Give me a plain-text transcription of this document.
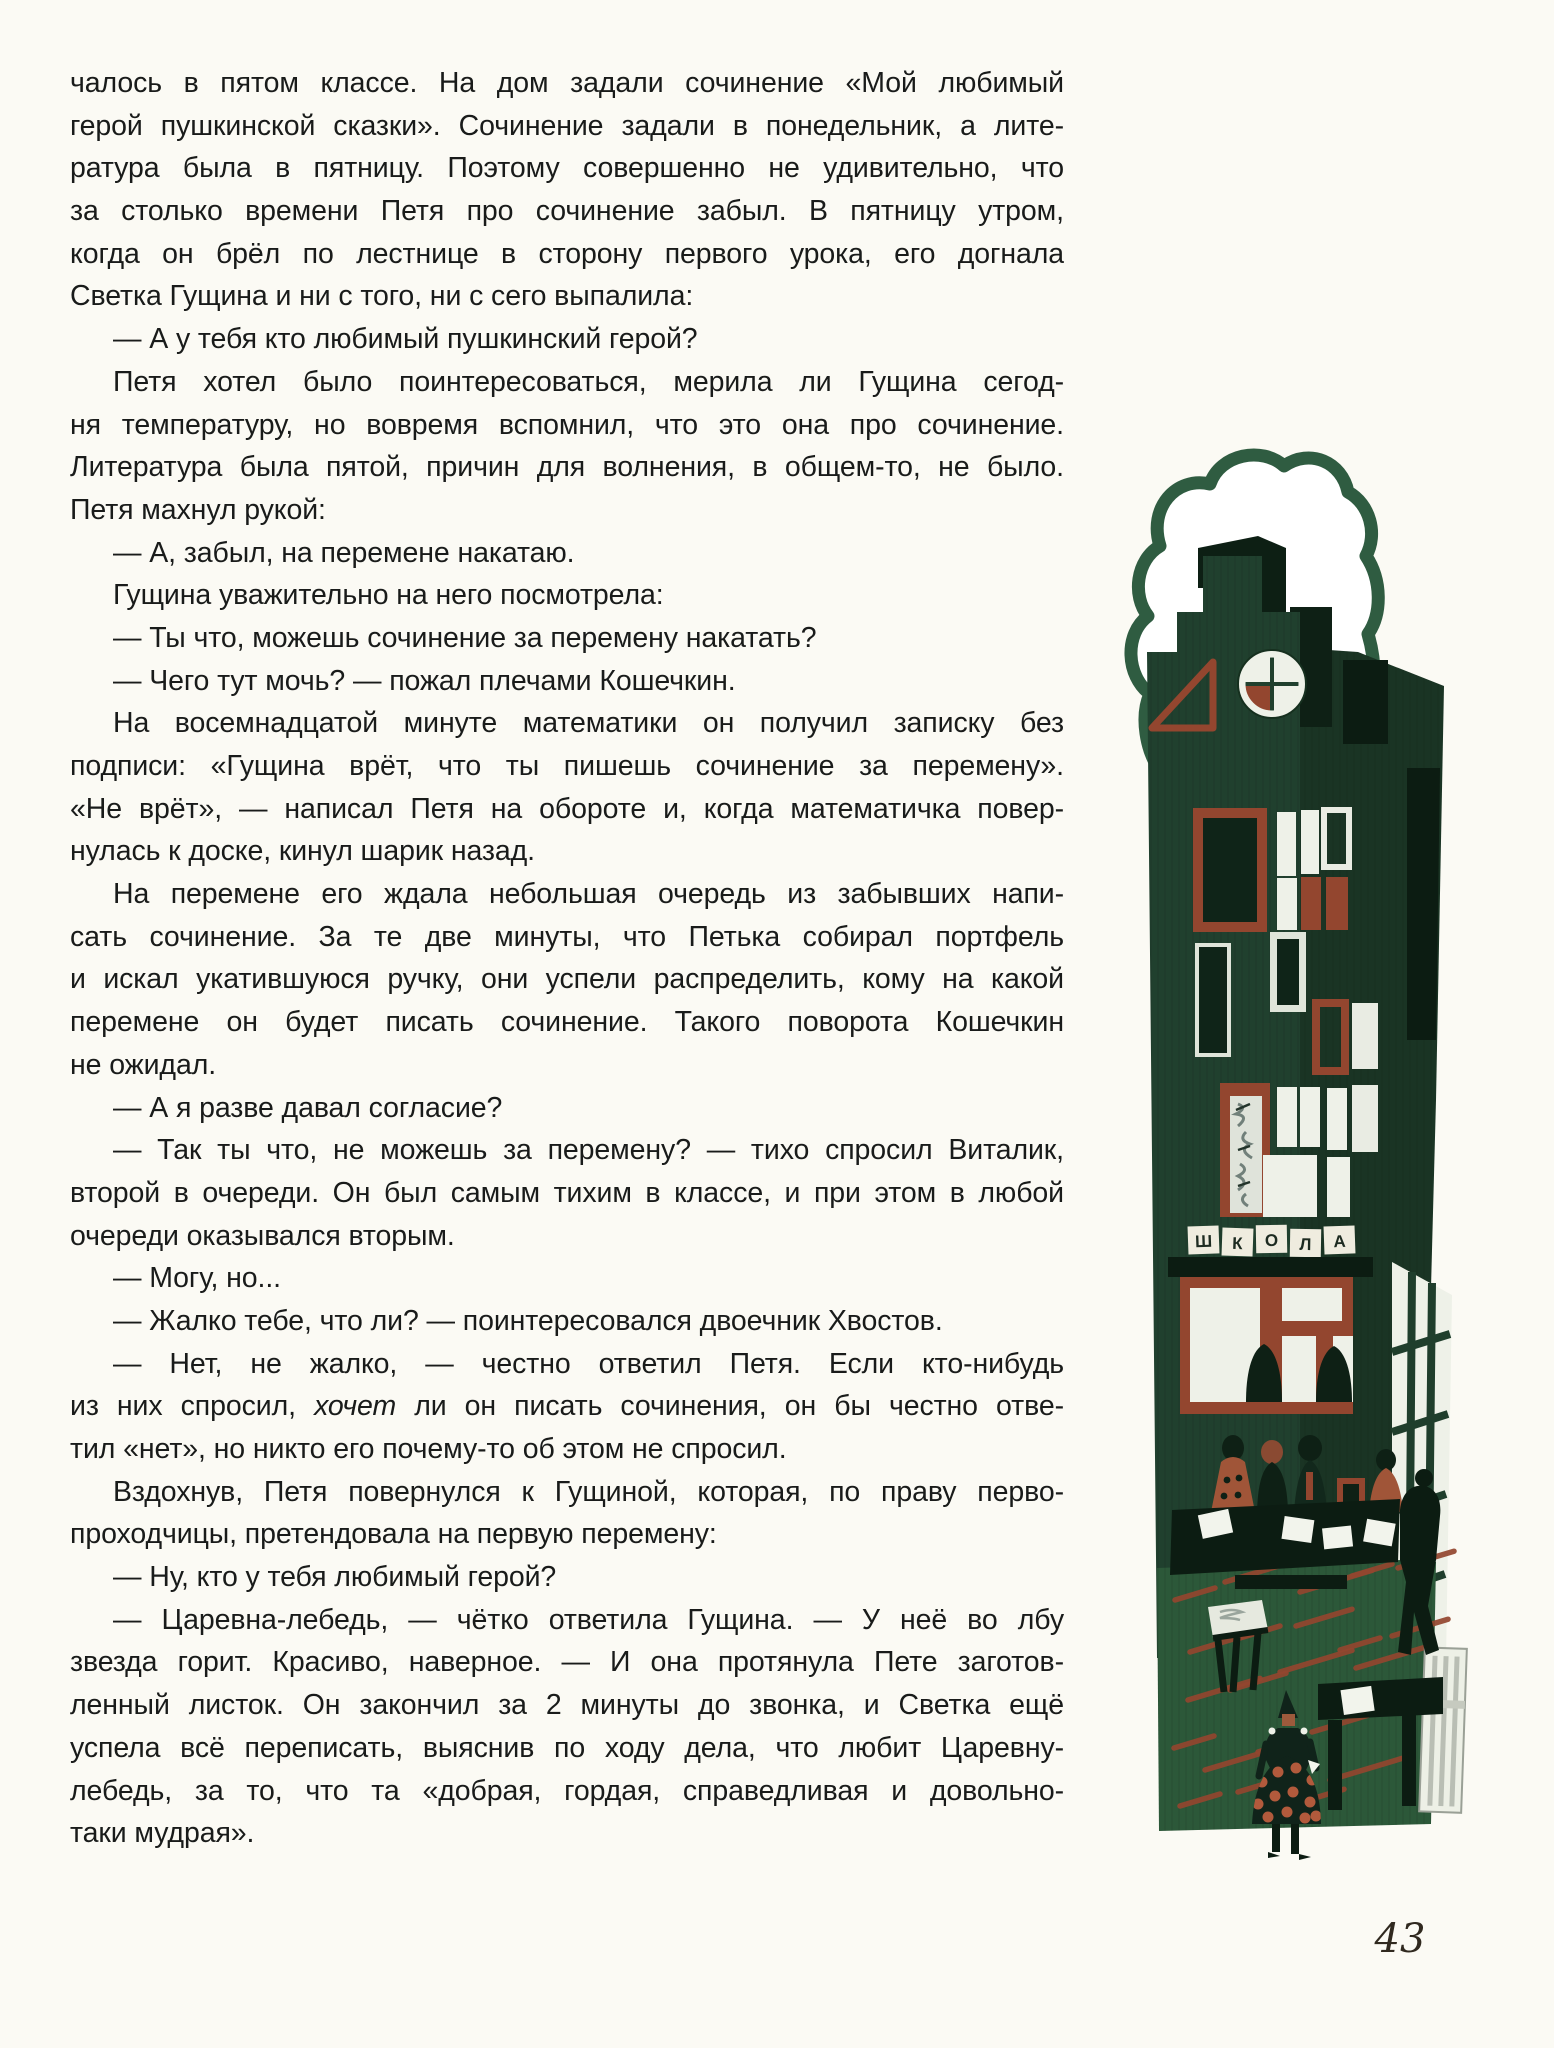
чалось в пятом классе. На дом задали сочинение «Мой любимый
герой пушкинской сказки». Сочинение задали в понедельник, а лите-
ратура была в пятницу. Поэтому совершенно не удивительно, что
за столько времени Петя про сочинение забыл. В пятницу утром,
когда он брёл по лестнице в сторону первого урока, его догнала
Светка Гущина и ни с того, ни с сего выпалила:
— А у тебя кто любимый пушкинский герой?
Петя хотел было поинтересоваться, мерила ли Гущина сегод-
ня температуру, но вовремя вспомнил, что это она про сочинение.
Литература была пятой, причин для волнения, в общем-то, не было.
Петя махнул рукой:
— А, забыл, на перемене накатаю.
Гущина уважительно на него посмотрела:
— Ты что, можешь сочинение за перемену накатать?
— Чего тут мочь? — пожал плечами Кошечкин.
На восемнадцатой минуте математики он получил записку без
подписи: «Гущина врёт, что ты пишешь сочинение за перемену».
«Не врёт», — написал Петя на обороте и, когда математичка повер-
нулась к доске, кинул шарик назад.
На перемене его ждала небольшая очередь из забывших напи-
сать сочинение. За те две минуты, что Петька собирал портфель
и искал укатившуюся ручку, они успели распределить, кому на какой
перемене он будет писать сочинение. Такого поворота Кошечкин
не ожидал.
— А я разве давал согласие?
— Так ты что, не можешь за перемену? — тихо спросил Виталик,
второй в очереди. Он был самым тихим в классе, и при этом в любой
очереди оказывался вторым.
— Могу, но...
— Жалко тебе, что ли? — поинтересовался двоечник Хвостов.
— Нет, не жалко, — честно ответил Петя. Если кто-нибудь
из них спросил, хочет ли он писать сочинения, он бы честно отве-
тил «нет», но никто его почему-то об этом не спросил.
Вздохнув, Петя повернулся к Гущиной, которая, по праву перво-
проходчицы, претендовала на первую перемену:
— Ну, кто у тебя любимый герой?
— Царевна-лебедь, — чётко ответила Гущина. — У неё во лбу
звезда горит. Красиво, наверное. — И она протянула Пете заготов-
ленный листок. Он закончил за 2 минуты до звонка, и Светка ещё
успела всё переписать, выяснив по ходу дела, что любит Царевну-
лебедь, за то, что та «добрая, гордая, справедливая и довольно-
таки мудрая».
Ш К О Л А
43
